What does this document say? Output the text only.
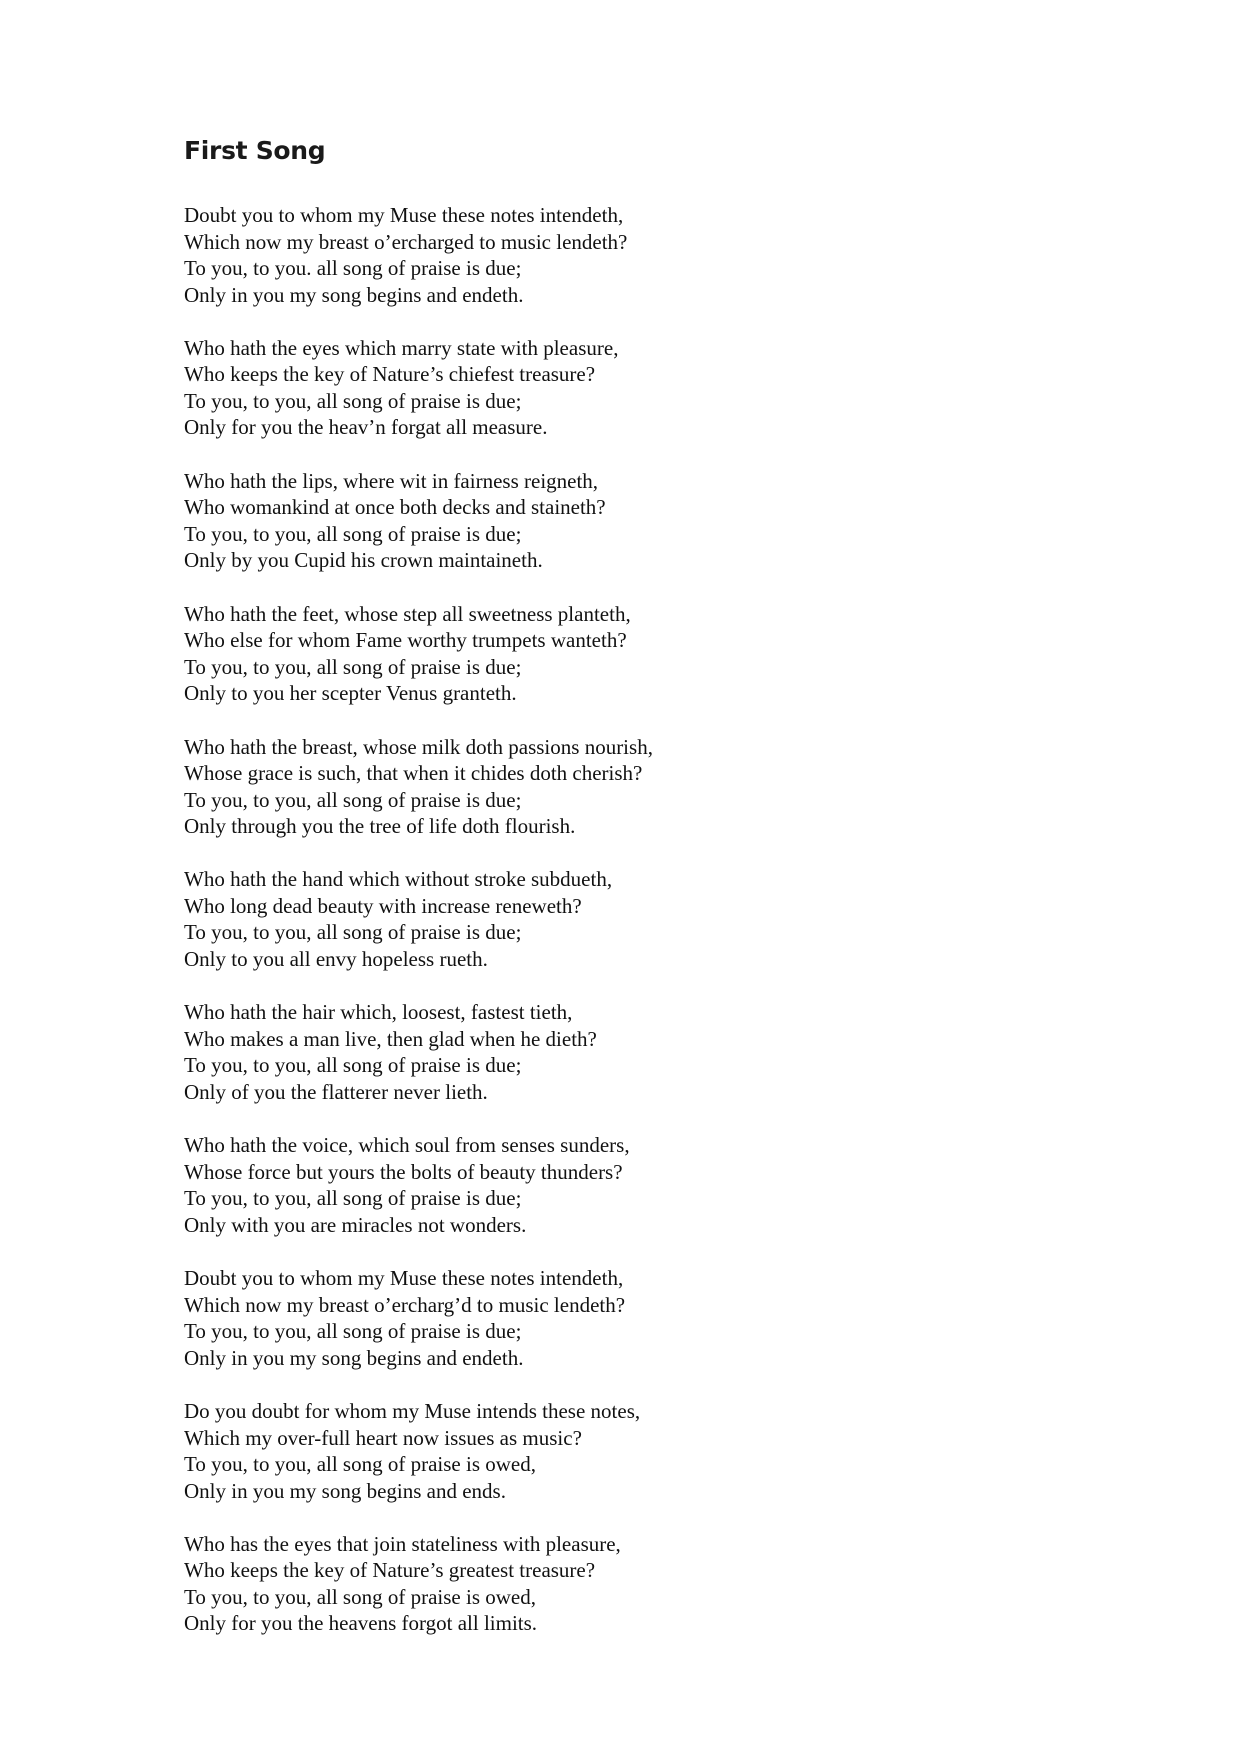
First Song
Doubt you to whom my Muse these notes intendeth,
Which now my breast o’ercharged to music lendeth?
To you, to you. all song of praise is due;
Only in you my song begins and endeth.
Who hath the eyes which marry state with pleasure,
Who keeps the key of Nature’s chiefest treasure?
To you, to you, all song of praise is due;
Only for you the heav’n forgat all measure.
Who hath the lips, where wit in fairness reigneth,
Who womankind at once both decks and staineth?
To you, to you, all song of praise is due;
Only by you Cupid his crown maintaineth.
Who hath the feet, whose step all sweetness planteth,
Who else for whom Fame worthy trumpets wanteth?
To you, to you, all song of praise is due;
Only to you her scepter Venus granteth.
Who hath the breast, whose milk doth passions nourish,
Whose grace is such, that when it chides doth cherish?
To you, to you, all song of praise is due;
Only through you the tree of life doth flourish.
Who hath the hand which without stroke subdueth,
Who long dead beauty with increase reneweth?
To you, to you, all song of praise is due;
Only to you all envy hopeless rueth.
Who hath the hair which, loosest, fastest tieth,
Who makes a man live, then glad when he dieth?
To you, to you, all song of praise is due;
Only of you the flatterer never lieth.
Who hath the voice, which soul from senses sunders,
Whose force but yours the bolts of beauty thunders?
To you, to you, all song of praise is due;
Only with you are miracles not wonders.
Doubt you to whom my Muse these notes intendeth,
Which now my breast o’ercharg’d to music lendeth?
To you, to you, all song of praise is due;
Only in you my song begins and endeth.
Do you doubt for whom my Muse intends these notes,
Which my over-full heart now issues as music?
To you, to you, all song of praise is owed,
Only in you my song begins and ends.
Who has the eyes that join stateliness with pleasure,
Who keeps the key of Nature’s greatest treasure?
To you, to you, all song of praise is owed,
Only for you the heavens forgot all limits.
